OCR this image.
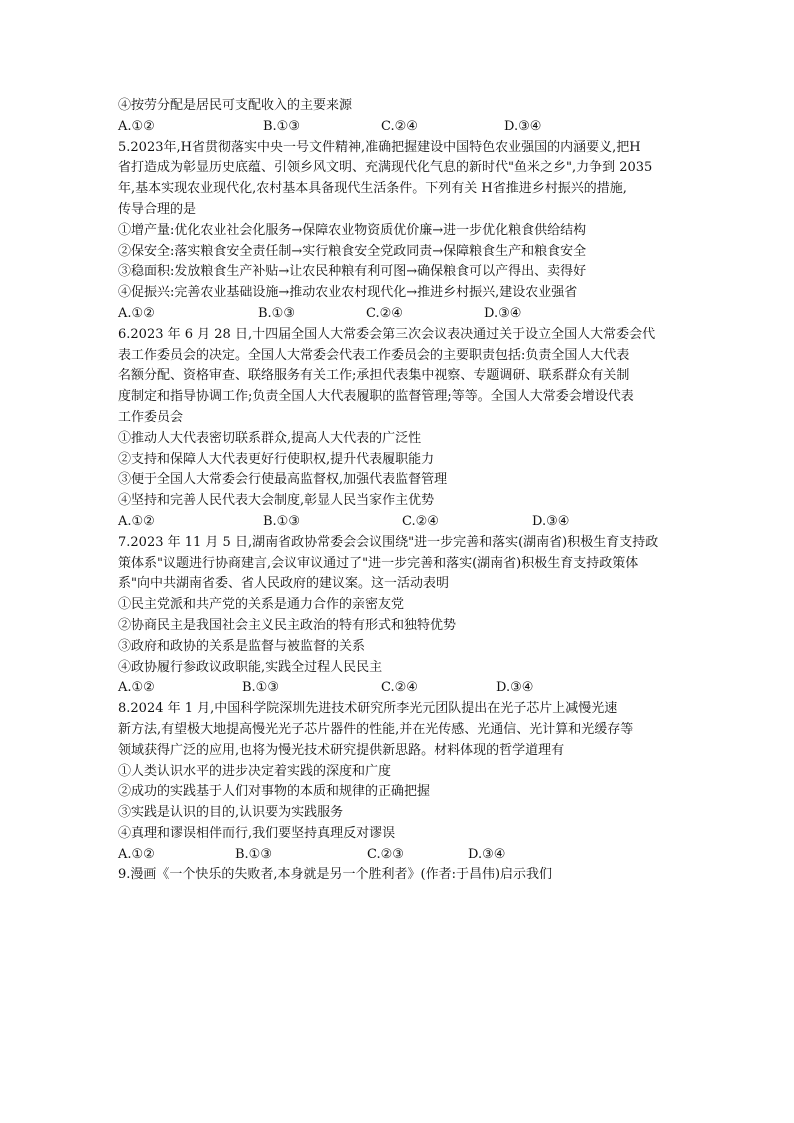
④按劳分配是居民可支配收入的主要来源
A.①②	B.①③	C.②④	D.③④
5.2023年,H省贯彻落实中央一号文件精神,准确把握建设中国特色农业强国的内涵要义,把H
省打造成为彰显历史底蕴、引领乡风文明、充满现代化气息的新时代"鱼米之乡",力争到 2035
年,基本实现农业现代化,农村基本具备现代生活条件。下列有关 H省推进乡村振兴的措施,
传导合理的是
①增产量:优化农业社会化服务→保障农业物资质优价廉→进一步优化粮食供给结构
②保安全:落实粮食安全责任制→实行粮食安全党政同责→保障粮食生产和粮食安全
③稳面积:发放粮食生产补贴→让农民种粮有利可图→确保粮食可以产得出、卖得好
④促振兴:完善农业基础设施→推动农业农村现代化→推进乡村振兴,建设农业强省
A.①②	B.①③	C.②④	D.③④
6.2023 年 6 月 28 日,十四届全国人大常委会第三次会议表决通过关于设立全国人大常委会代
表工作委员会的决定。全国人大常委会代表工作委员会的主要职责包括:负责全国人大代表
名额分配、资格审查、联络服务有关工作;承担代表集中视察、专题调研、联系群众有关制
度制定和指导协调工作;负责全国人大代表履职的监督管理;等等。全国人大常委会增设代表
工作委员会
①推动人大代表密切联系群众,提高人大代表的广泛性
②支持和保障人大代表更好行使职权,提升代表履职能力
③便于全国人大常委会行使最高监督权,加强代表监督管理
④坚持和完善人民代表大会制度,彰显人民当家作主优势
A.①②	B.①③	C.②④	D.③④
7.2023 年 11 月 5 日,湖南省政协常委会会议围绕"进一步完善和落实(湖南省)积极生育支持政
策体系"议题进行协商建言,会议审议通过了"进一步完善和落实(湖南省)积极生育支持政策体
系"向中共湖南省委、省人民政府的建议案。这一活动表明
①民主党派和共产党的关系是通力合作的亲密友党
②协商民主是我国社会主义民主政治的特有形式和独特优势
③政府和政协的关系是监督与被监督的关系
④政协履行参政议政职能,实践全过程人民民主
A.①②	B.①③	C.②④	D.③④
8.2024 年 1 月,中国科学院深圳先进技术研究所李光元团队提出在光子芯片上减慢光速
新方法,有望极大地提高慢光光子芯片器件的性能,并在光传感、光通信、光计算和光缓存等
领域获得广泛的应用,也将为慢光技术研究提供新思路。材料体现的哲学道理有
①人类认识水平的进步决定着实践的深度和广度
②成功的实践基于人们对事物的本质和规律的正确把握
③实践是认识的目的,认识要为实践服务
④真理和谬误相伴而行,我们要坚持真理反对谬误
A.①②	B.①③	C.②③	D.③④
9.漫画《一个快乐的失败者,本身就是另一个胜利者》(作者:于昌伟)启示我们
